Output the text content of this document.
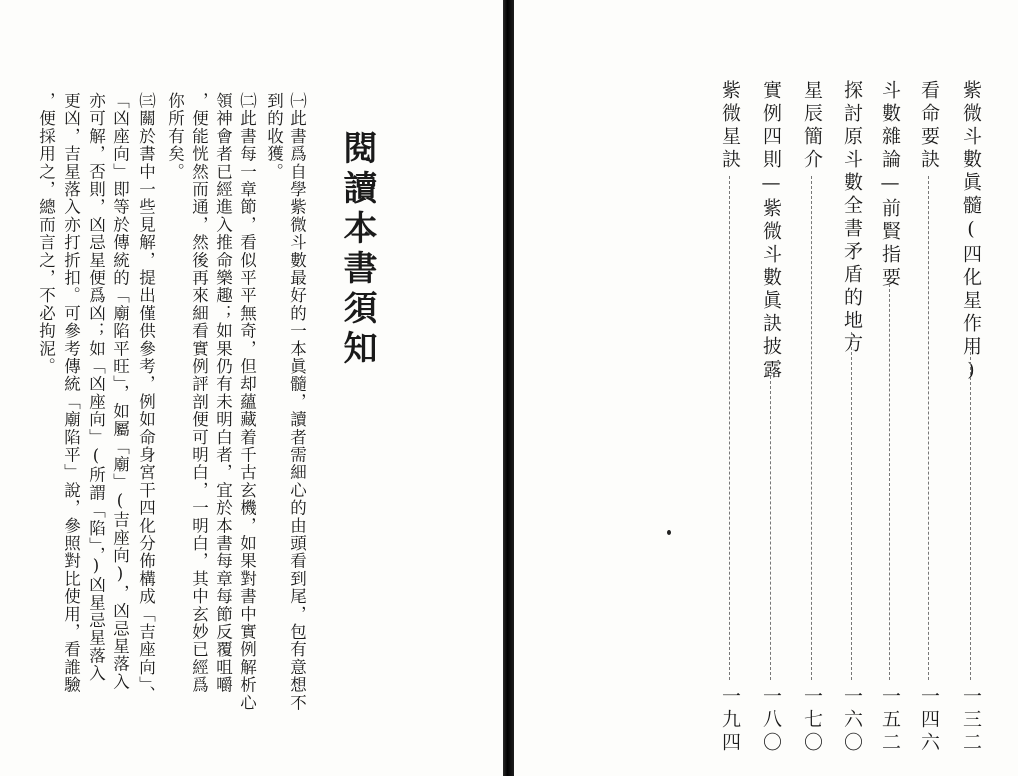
閱讀本書須知
㈠此書爲自學紫微斗數最好的一本眞髓，讀者需細心的由頭看到尾，包有意想不
到的收獲。
㈡此書每一章節，看似平平無奇，但却蘊藏着千古玄機，如果對書中實例解析心
領神會者已經進入推命樂趣；如果仍有未明白者，宜於本書每章每節反覆咀嚼
，便能恍然而通，然後再來細看實例評剖便可明白，一明白，其中玄妙已經爲
你所有矣。
㈢關於書中一些見解，提出僅供參考，例如命身宮干四化分佈構成「吉座向」、
「凶座向」即等於傳統的「廟陷平旺」，如屬「廟」(吉座向)，凶忌星落入
亦可解，否則，凶忌星便爲凶；如「凶座向」(所謂「陷」，)凶星忌星落入
更凶，吉星落入亦打折扣。可參考傳統「廟陷平」說，參照對比使用，看誰驗
，便採用之，總而言之，不必拘泥。	紫微斗數眞髓(四化星作用)
一三二
看命要訣
一四六
斗數雜論—前賢指要
一五二
探討原斗數全書矛盾的地方
一六〇
星辰簡介
一七〇
實例四則—紫微斗數眞訣披露
一八〇
紫微星訣
一九四
